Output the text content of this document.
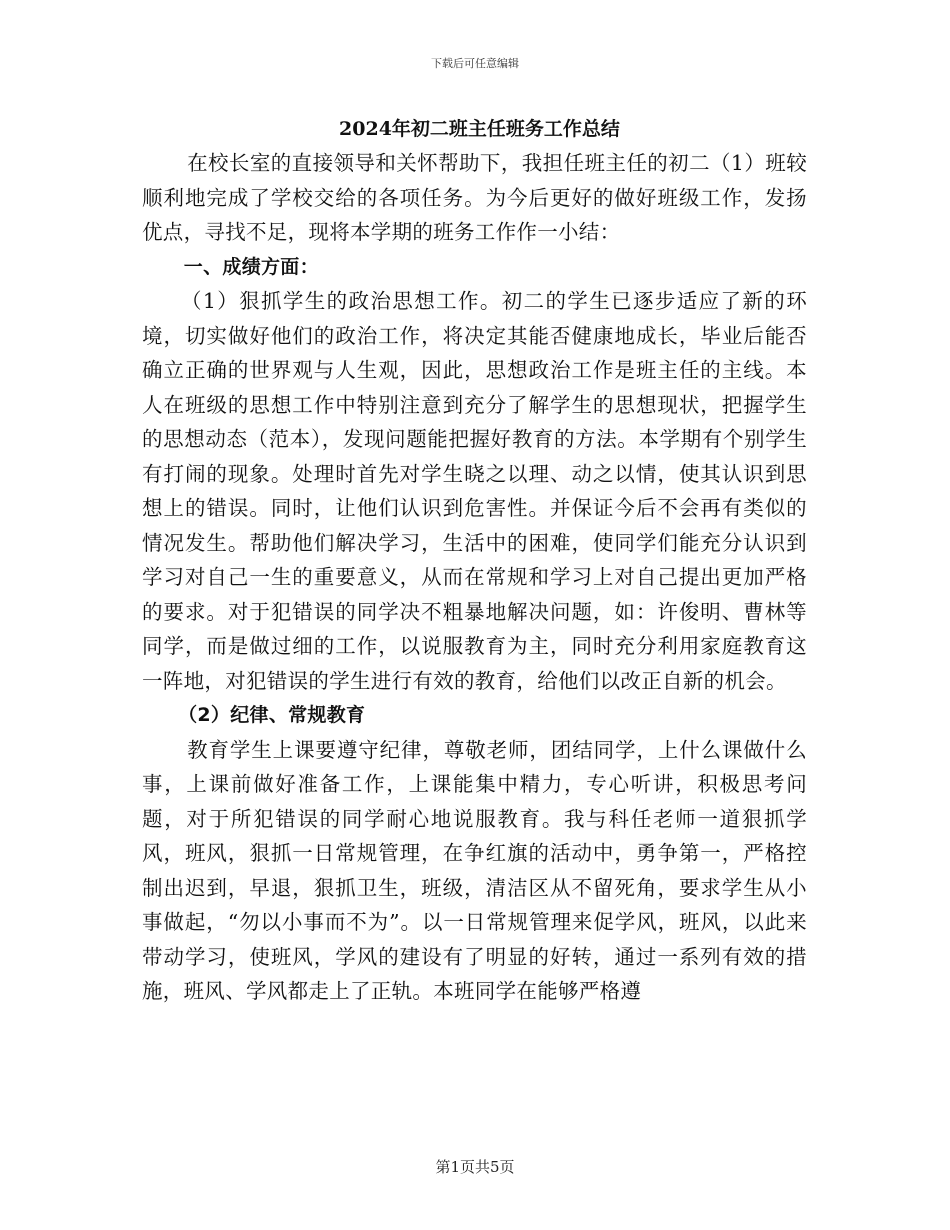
下载后可任意编辑
2024年初二班主任班务工作总结

在校长室的直接领导和关怀帮助下，我担任班主任的初二（1）班较顺利地完成了学校交给的各项任务。为今后更好的做好班级工作，发扬优点，寻找不足，现将本学期的班务工作作一小结：

一、成绩方面：

（1）狠抓学生的政治思想工作。初二的学生已逐步适应了新的环境，切实做好他们的政治工作，将决定其能否健康地成长，毕业后能否确立正确的世界观与人生观，因此，思想政治工作是班主任的主线。本人在班级的思想工作中特别注意到充分了解学生的思想现状，把握学生的思想动态（范本），发现问题能把握好教育的方法。本学期有个别学生有打闹的现象。处理时首先对学生晓之以理、动之以情，使其认识到思想上的错误。同时，让他们认识到危害性。并保证今后不会再有类似的情况发生。帮助他们解决学习，生活中的困难，使同学们能充分认识到学习对自己一生的重要意义，从而在常规和学习上对自己提出更加严格的要求。对于犯错误的同学决不粗暴地解决问题，如：许俊明、曹林等同学，而是做过细的工作，以说服教育为主，同时充分利用家庭教育这一阵地，对犯错误的学生进行有效的教育，给他们以改正自新的机会。

（2）纪律、常规教育

教育学生上课要遵守纪律，尊敬老师，团结同学，上什么课做什么事，上课前做好准备工作，上课能集中精力，专心听讲，积极思考问题，对于所犯错误的同学耐心地说服教育。我与科任老师一道狠抓学风，班风，狠抓一日常规管理，在争红旗的活动中，勇争第一，严格控制出迟到，早退，狠抓卫生，班级，清洁区从不留死角，要求学生从小事做起，“勿以小事而不为”。以一日常规管理来促学风，班风，以此来带动学习，使班风，学风的建设有了明显的好转，通过一系列有效的措施，班风、学风都走上了正轨。本班同学在能够严格遵

第1页共5页
